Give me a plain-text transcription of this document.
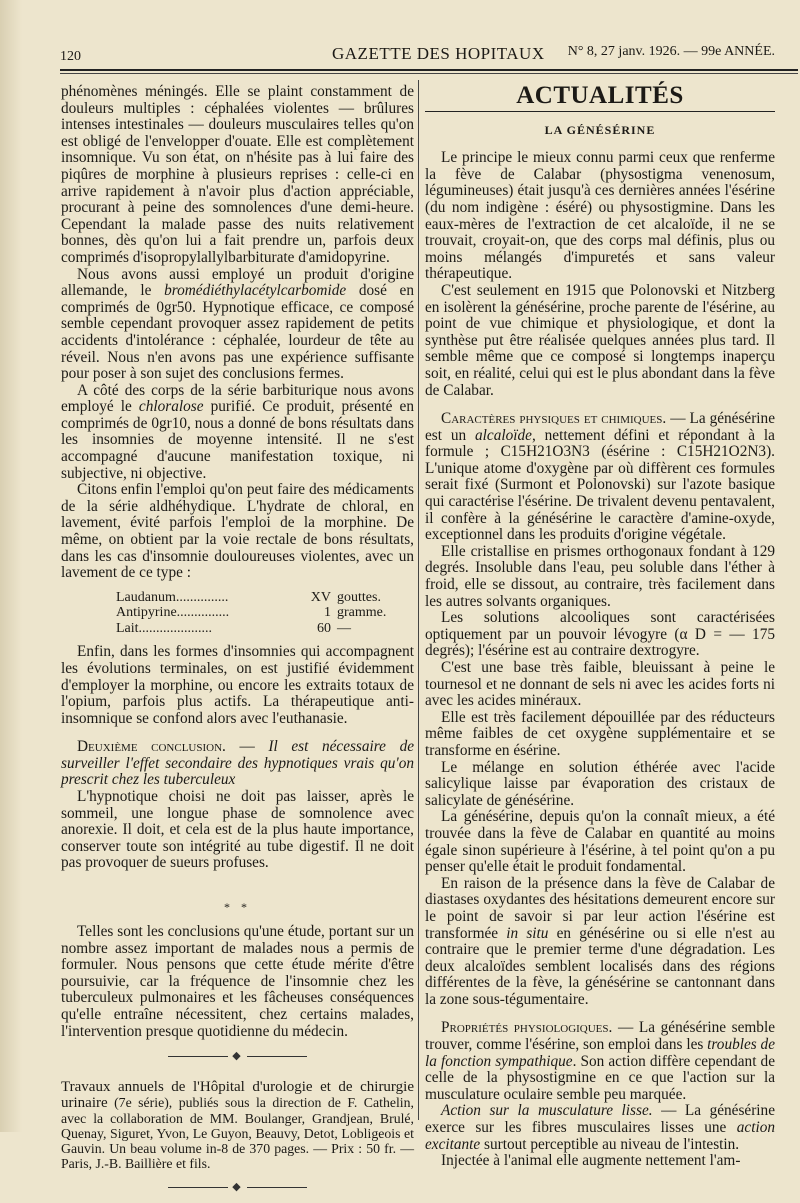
120	GAZETTE DES HOPITAUX N° 8, 27 janv. 1926. — 99e ANNÉE.

phénomènes méningés. Elle se plaint constamment de douleurs multiples : céphalées violentes — brûlures intenses intestinales — douleurs musculaires telles qu'on est obligé de l'envelopper d'ouate. Elle est complètement insomnique. Vu son état, on n'hésite pas à lui faire des piqûres de morphine à plusieurs reprises : celle-ci en arrive rapidement à n'avoir plus d'action appréciable, procurant à peine des somnolences d'une demi-heure. Cependant la malade passe des nuits relativement bonnes, dès qu'on lui a fait prendre un, parfois deux comprimés d'isopropylallylbarbiturate d'amidopyrine.

Nous avons aussi employé un produit d'origine allemande, le bromédiéthylacétylcarbomide dosé en comprimés de 0gr50. Hypnotique efficace, ce composé semble cependant provoquer assez rapidement de petits accidents d'intolérance : céphalée, lourdeur de tête au réveil. Nous n'en avons pas une expérience suffisante pour poser à son sujet des conclusions fermes.

A côté des corps de la série barbiturique nous avons employé le chloralose purifié. Ce produit, présenté en comprimés de 0gr10, nous a donné de bons résultats dans les insomnies de moyenne intensité. Il ne s'est accompagné d'aucune manifestation toxique, ni subjective, ni objective.

Citons enfin l'emploi qu'on peut faire des médicaments de la série aldhéhydique. L'hydrate de chloral, en lavement, évité parfois l'emploi de la morphine. De même, on obtient par la voie rectale de bons résultats, dans les cas d'insomnie douloureuses violentes, avec un lavement de ce type :

Laudanum...............	XV gouttes.
Antipyrine...............	1 gramme.
Lait.....................	60 —

Enfin, dans les formes d'insomnies qui accompagnent les évolutions terminales, on est justifié évidemment d'employer la morphine, ou encore les extraits totaux de l'opium, parfois plus actifs. La thérapeutique anti-insomnique se confond alors avec l'euthanasie.

Deuxième conclusion. — Il est nécessaire de surveiller l'effet secondaire des hypnotiques vrais qu'on prescrit chez les tuberculeux

L'hypnotique choisi ne doit pas laisser, après le sommeil, une longue phase de somnolence avec anorexie. Il doit, et cela est de la plus haute importance, conserver toute son intégrité au tube digestif. Il ne doit pas provoquer de sueurs profuses.

* *

Telles sont les conclusions qu'une étude, portant sur un nombre assez important de malades nous a permis de formuler. Nous pensons que cette étude mérite d'être poursuivie, car la fréquence de l'insomnie chez les tuberculeux pulmonaires et les fâcheuses conséquences qu'elle entraîne nécessitent, chez certains malades, l'intervention presque quotidienne du médecin.

◆

Travaux annuels de l'Hôpital d'urologie et de chirurgie urinaire (7e série), publiés sous la direction de F. Cathelin, avec la collaboration de MM. Boulanger, Grandjean, Brulé, Quenay, Siguret, Yvon, Le Guyon, Beauvy, Detot, Lobligeois et Gauvin. Un beau volume in-8 de 370 pages. — Prix : 50 fr. — Paris, J.-B. Baillière et fils.

◆
ACTUALITÉS
LA GÉNÉSÉRINE

Le principe le mieux connu parmi ceux que renferme la fève de Calabar (physostigma venenosum, légumineuses) était jusqu'à ces dernières années l'ésérine (du nom indigène : éséré) ou physostigmine. Dans les eaux-mères de l'extraction de cet alcaloïde, il ne se trouvait, croyait-on, que des corps mal définis, plus ou moins mélangés d'impuretés et sans valeur thérapeutique.

C'est seulement en 1915 que Polonovski et Nitzberg en isolèrent la génésérine, proche parente de l'ésérine, au point de vue chimique et physiologique, et dont la synthèse put être réalisée quelques années plus tard. Il semble même que ce composé si longtemps inaperçu soit, en réalité, celui qui est le plus abondant dans la fève de Calabar.

Caractères physiques et chimiques. — La génésérine est un alcaloïde, nettement défini et répondant à la formule ; C15H21O3N3 (ésérine : C15H21O2N3). L'unique atome d'oxygène par où diffèrent ces formules serait fixé (Surmont et Polonovski) sur l'azote basique qui caractérise l'ésérine. De trivalent devenu pentavalent, il confère à la génésérine le caractère d'amine-oxyde, exceptionnel dans les produits d'origine végétale.

Elle cristallise en prismes orthogonaux fondant à 129 degrés. Insoluble dans l'eau, peu soluble dans l'éther à froid, elle se dissout, au contraire, très facilement dans les autres solvants organiques.

Les solutions alcooliques sont caractérisées optiquement par un pouvoir lévogyre (α D = — 175 degrés); l'ésérine est au contraire dextrogyre.

C'est une base très faible, bleuissant à peine le tournesol et ne donnant de sels ni avec les acides forts ni avec les acides minéraux.

Elle est très facilement dépouillée par des réducteurs même faibles de cet oxygène supplémentaire et se transforme en ésérine.

Le mélange en solution éthérée avec l'acide salicylique laisse par évaporation des cristaux de salicylate de génésérine.

La génésérine, depuis qu'on la connaît mieux, a été trouvée dans la fève de Calabar en quantité au moins égale sinon supérieure à l'ésérine, à tel point qu'on a pu penser qu'elle était le produit fondamental.

En raison de la présence dans la fève de Calabar de diastases oxydantes des hésitations demeurent encore sur le point de savoir si par leur action l'ésérine est transformée in situ en génésérine ou si elle n'est au contraire que le premier terme d'une dégradation. Les deux alcaloïdes semblent localisés dans des régions différentes de la fève, la génésérine se cantonnant dans la zone sous-tégumentaire.

Propriétés physiologiques. — La génésérine semble trouver, comme l'ésérine, son emploi dans les troubles de la fonction sympathique. Son action diffère cependant de celle de la physostigmine en ce que l'action sur la musculature oculaire semble peu marquée.

Action sur la musculature lisse. — La génésérine exerce sur les fibres musculaires lisses une action excitante surtout perceptible au niveau de l'intestin.

Injectée à l'animal elle augmente nettement l'am-
